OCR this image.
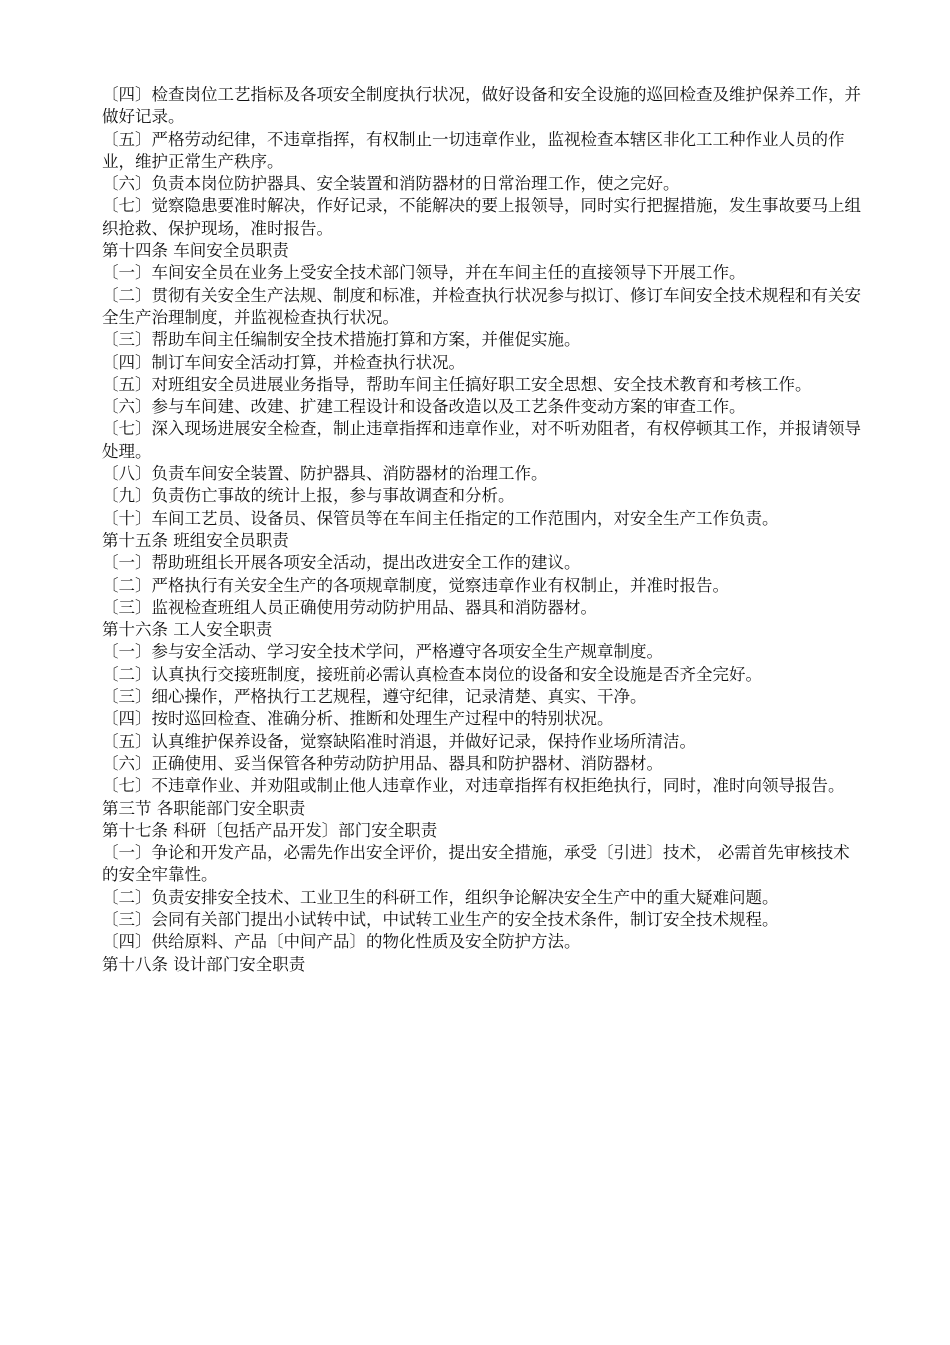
〔四〕检查岗位工艺指标及各项安全制度执行状况，做好设备和安全设施的巡回检查及维护保养工作，并做好记录。

〔五〕严格劳动纪律，不违章指挥，有权制止一切违章作业，监视检查本辖区非化工工种作业人员的作业，维护正常生产秩序。

〔六〕负责本岗位防护器具、安全装置和消防器材的日常治理工作，使之完好。

〔七〕觉察隐患要准时解决，作好记录，不能解决的要上报领导，同时实行把握措施，发生事故要马上组织抢救、保护现场，准时报告。

第十四条 车间安全员职责

〔一〕车间安全员在业务上受安全技术部门领导，并在车间主任的直接领导下开展工作。

〔二〕贯彻有关安全生产法规、制度和标准，并检查执行状况参与拟订、修订车间安全技术规程和有关安全生产治理制度，并监视检查执行状况。

〔三〕帮助车间主任编制安全技术措施打算和方案，并催促实施。

〔四〕制订车间安全活动打算，并检查执行状况。

〔五〕对班组安全员进展业务指导，帮助车间主任搞好职工安全思想、安全技术教育和考核工作。

〔六〕参与车间建、改建、扩建工程设计和设备改造以及工艺条件变动方案的审查工作。

〔七〕深入现场进展安全检查，制止违章指挥和违章作业，对不听劝阻者，有权停顿其工作，并报请领导处理。

〔八〕负责车间安全装置、防护器具、消防器材的治理工作。

〔九〕负责伤亡事故的统计上报，参与事故调查和分析。

〔十〕车间工艺员、设备员、保管员等在车间主任指定的工作范围内，对安全生产工作负责。

第十五条 班组安全员职责

〔一〕帮助班组长开展各项安全活动，提出改进安全工作的建议。

〔二〕严格执行有关安全生产的各项规章制度，觉察违章作业有权制止，并准时报告。

〔三〕监视检查班组人员正确使用劳动防护用品、器具和消防器材。

第十六条 工人安全职责

〔一〕参与安全活动、学习安全技术学问，严格遵守各项安全生产规章制度。

〔二〕认真执行交接班制度，接班前必需认真检查本岗位的设备和安全设施是否齐全完好。

〔三〕细心操作，严格执行工艺规程，遵守纪律，记录清楚、真实、干净。

〔四〕按时巡回检查、准确分析、推断和处理生产过程中的特别状况。

〔五〕认真维护保养设备，觉察缺陷准时消退，并做好记录，保持作业场所清洁。

〔六〕正确使用、妥当保管各种劳动防护用品、器具和防护器材、消防器材。

〔七〕不违章作业、并劝阻或制止他人违章作业，对违章指挥有权拒绝执行，同时，准时向领导报告。

第三节 各职能部门安全职责

第十七条 科研〔包括产品开发〕部门安全职责

〔一〕争论和开发产品，必需先作出安全评价，提出安全措施，承受〔引进〕技术， 必需首先审核技术的安全牢靠性。

〔二〕负责安排安全技术、工业卫生的科研工作，组织争论解决安全生产中的重大疑难问题。

〔三〕会同有关部门提出小试转中试，中试转工业生产的安全技术条件，制订安全技术规程。

〔四〕供给原料、产品〔中间产品〕的物化性质及安全防护方法。

第十八条 设计部门安全职责
